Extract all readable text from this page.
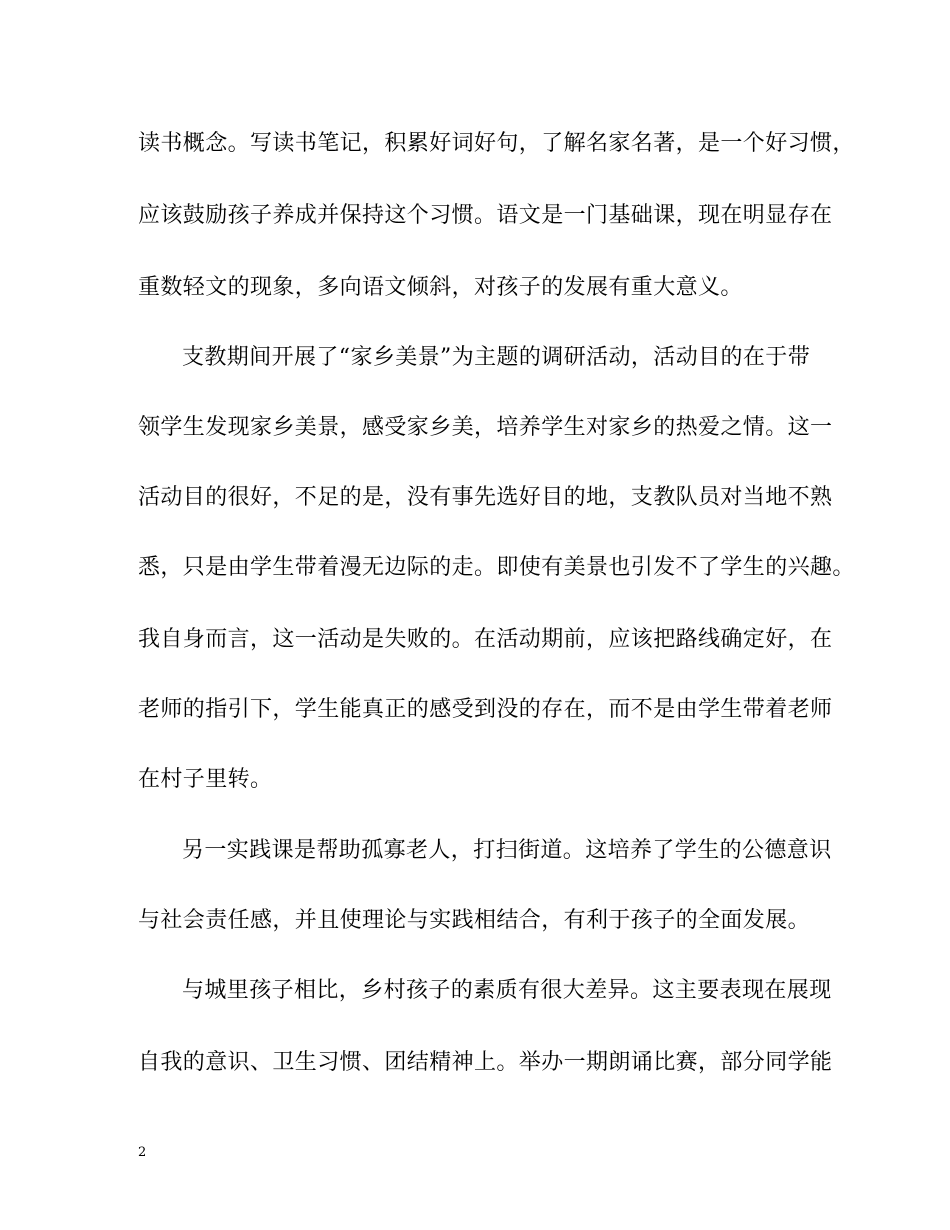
读书概念。写读书笔记，积累好词好句，了解名家名著，是一个好习惯，
应该鼓励孩子养成并保持这个习惯。语文是一门基础课，现在明显存在
重数轻文的现象，多向语文倾斜，对孩子的发展有重大意义。
支教期间开展了“家乡美景”为主题的调研活动，活动目的在于带
领学生发现家乡美景，感受家乡美，培养学生对家乡的热爱之情。这一
活动目的很好，不足的是，没有事先选好目的地，支教队员对当地不熟
悉，只是由学生带着漫无边际的走。即使有美景也引发不了学生的兴趣。
我自身而言，这一活动是失败的。在活动期前，应该把路线确定好，在
老师的指引下，学生能真正的感受到没的存在，而不是由学生带着老师
在村子里转。
另一实践课是帮助孤寡老人，打扫街道。这培养了学生的公德意识
与社会责任感，并且使理论与实践相结合，有利于孩子的全面发展。
与城里孩子相比，乡村孩子的素质有很大差异。这主要表现在展现
自我的意识、卫生习惯、团结精神上。举办一期朗诵比赛，部分同学能
2
